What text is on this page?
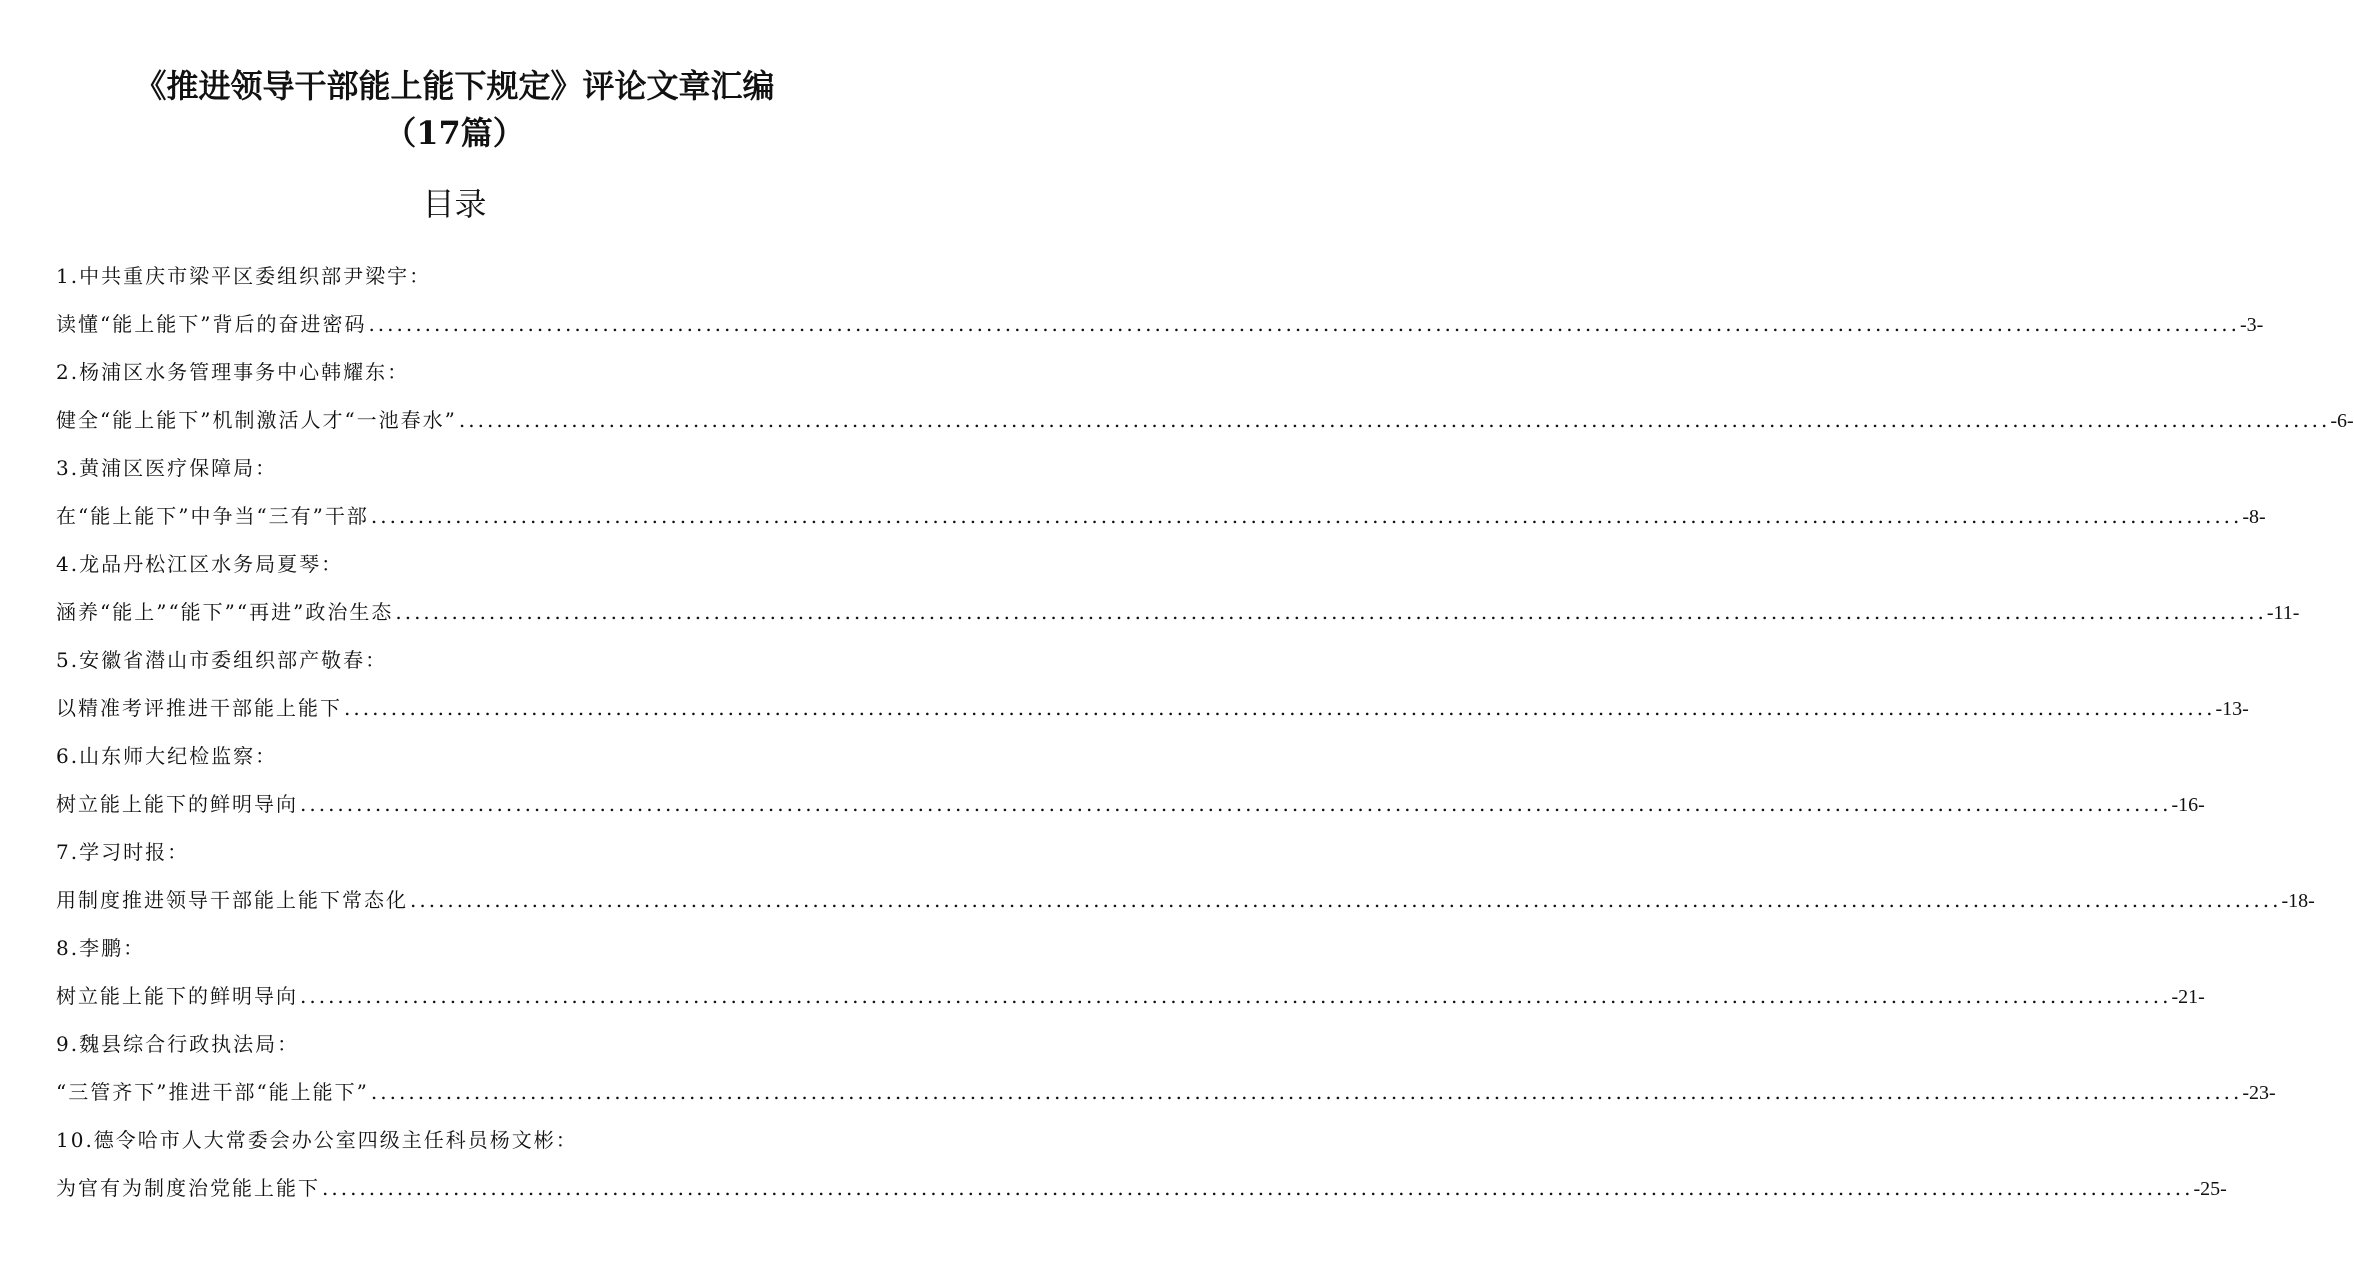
《推进领导干部能上能下规定》评论文章汇编
（17篇）
目录
1.中共重庆市梁平区委组织部尹梁宇：
读懂“能上能下”背后的奋进密码 ........................................................................................................................................................................................................ -3-
2.杨浦区水务管理事务中心韩耀东：
健全“能上能下”机制激活人才“一池春水” ........................................................................................................................................................................................................ -6-
3.黄浦区医疗保障局：
在“能上能下”中争当“三有”干部 ........................................................................................................................................................................................................ -8-
4.龙品丹松江区水务局夏琴：
涵养“能上”“能下”“再进”政治生态 ........................................................................................................................................................................................................ -11-
5.安徽省潜山市委组织部产敬春：
以精准考评推进干部能上能下 ........................................................................................................................................................................................................ -13-
6.山东师大纪检监察：
树立能上能下的鲜明导向 ........................................................................................................................................................................................................ -16-
7.学习时报：
用制度推进领导干部能上能下常态化 ........................................................................................................................................................................................................ -18-
8.李鹏：
树立能上能下的鲜明导向 ........................................................................................................................................................................................................ -21-
9.魏县综合行政执法局：
“三管齐下”推进干部“能上能下” ........................................................................................................................................................................................................ -23-
10.德令哈市人大常委会办公室四级主任科员杨文彬：
为官有为制度治党能上能下 ........................................................................................................................................................................................................ -25-
